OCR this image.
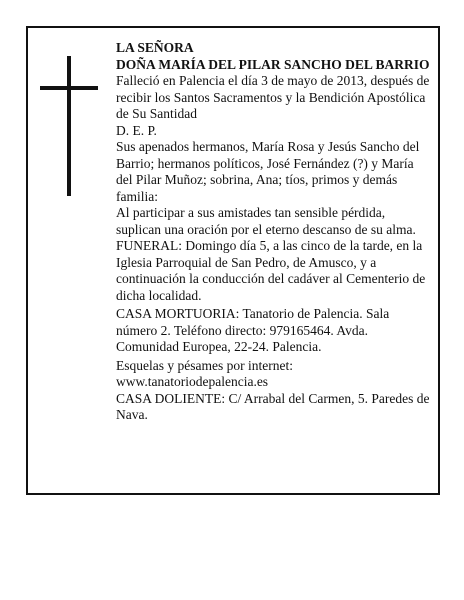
LA SEÑORA

DOÑA MARÍA DEL PILAR SANCHO DEL BARRIO

Falleció en Palencia el día 3 de mayo de 2013, después de recibir los Santos Sacramentos y la Bendición Apostólica de Su Santidad

D. E. P.

Sus apenados hermanos, María Rosa y Jesús Sancho del Barrio; hermanos políticos, José Fernández (?) y María del Pilar Muñoz; sobrina, Ana; tíos, primos y demás familia:

Al participar a sus amistades tan sensible pérdida, suplican una oración por el eterno descanso de su alma.

FUNERAL: Domingo día 5, a las cinco de la tarde, en la Iglesia Parroquial de San Pedro, de Amusco, y a continuación la conducción del cadáver al Cementerio de dicha localidad.

CASA MORTUORIA: Tanatorio de Palencia. Sala número 2. Teléfono directo: 979165464. Avda. Comunidad Europea, 22-24. Palencia.

Esquelas y pésames por internet:

www.tanatoriodepalencia.es

CASA DOLIENTE: C/ Arrabal del Carmen, 5. Paredes de Nava.
